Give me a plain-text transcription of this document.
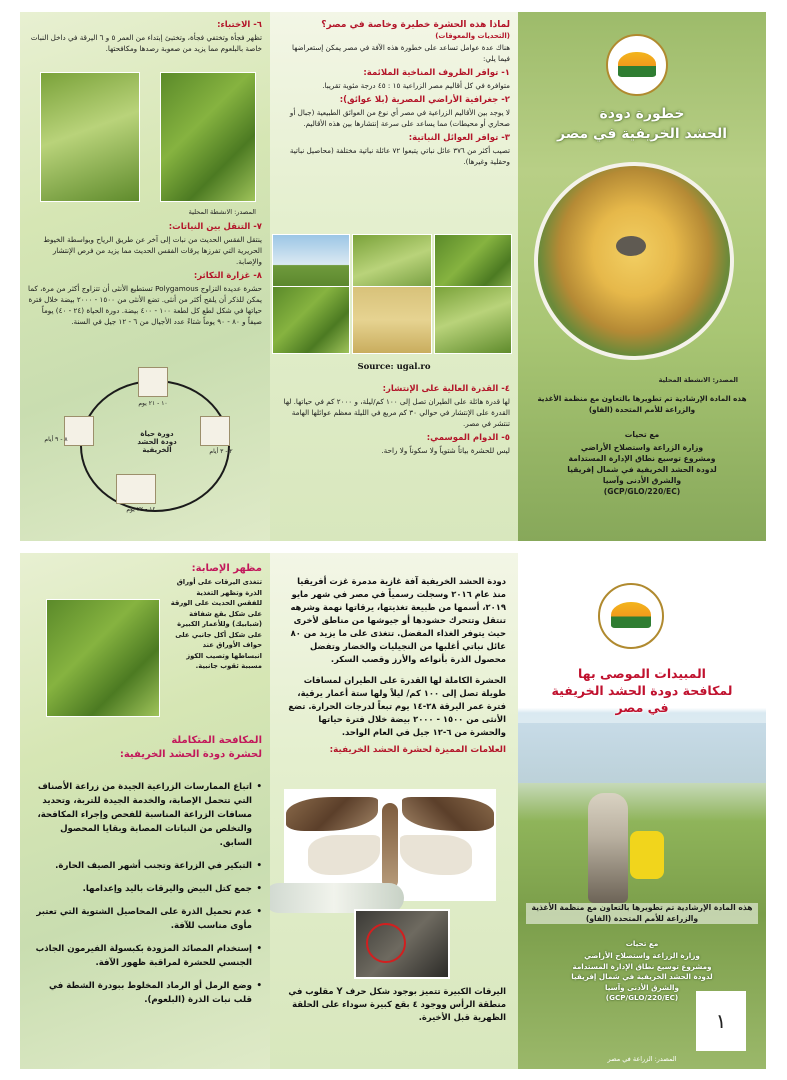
٦- الاختباء:

تظهر فجأة وتختفي فجأة، وتختبئ إبتداء من العمر ٥ و ٦ اليرقة في داخل النبات خاصة بالبلعوم مما يزيد من صعوبة رصدها ومكافحتها.

المصدر: الانشطة المحلية
٧- التنقل بين النباتات:

ينتقل الفقس الحديث من نبات إلى آخر عن طريق الرياح وبواسطة الخيوط الحريرية التي تفرزها يرقات الفقس الحديث مما يزيد من فرص الإنتشار والإصابة.

٨- غزارة التكاثر:

حشرة عديدة التزاوج Polygamous تستطيع الأنثى أن تتزاوج أكثر من مرة، كما يمكن للذكر أن يلقح أكثر من أنثى. تضع الأنثى من ١٥٠٠ - ٢٠٠٠ بيضة خلال فترة حياتها في شكل لطع كل لطعة ١٠٠ - ٤٠٠ بيضة. دورة الحياة (٢٤ - ٤٠) يوماً صيفاً و ٨٠ - ٩٠ يوماً شتاءً عدد الأجيال من ٦ - ١٢ جيل في السنة.

دورة حياة
دودة الحشد الخريفية
١٠ - ٢١ يوم
٢ - ٣ أيام
١٤ - ٢٢ يوم
٨ - ٩ أيام
لماذا هذه الحشرة خطيرة وخاصة في مصر؟
(التحديات والمعوقات)

هناك عدة عوامل تساعد على خطورة هذه الآفة في مصر يمكن إستعراضها فيما يلي:

١- توافر الظروف المناخية الملائمة:

متوافرة في كل أقاليم مصر الزراعية ١٥ : ٤٥ درجة مئوية تقريبا.

٢- جغرافية الأراضي المصرية (بلا عوائق):

لا يوجد بين الأقاليم الزراعية في مصر أي نوع من العوائق الطبيعية (جبال أو صحاري أو محيطات) مما يساعد على سرعة إنتشارها بين هذه الأقاليم.

٣- توافر العوائل النباتية:

تصيب أكثر من ٣٧٦ عائل نباتي يتبعوا ٧٢ عائلة نباتية مختلفة (محاصيل نباتية وحقلية وغيرها).

Source: ugal.ro
٤- القدرة العالية على الإنتشار:

لها قدرة هائلة على الطيران تصل إلى ١٠٠ كم/ليلة، و ٢٠٠٠ كم في حياتها. لها القدرة على الإنتشار في حوالي ٣٠ كم مربع في الليلة معظم عوائلها الهامة تنتشر في مصر.

٥- الدوام الموسمي:

ليس للحشرة بياتاً شتوياً ولا سكوناً ولا راحة.

خطورة دودة
الحشد الخريفية في مصر
المصدر: الانشطة المحلية
هذه المادة الإرشادية تم تطويرها بالتعاون مع منظمة الأغذية والزراعة للأمم المتحدة (الفاو)
مع تحيات
وزارة الزراعة واستصلاح الأراضي
ومشروع توسيع نطاق الإدارة المستدامة
لدودة الحشد الخريفية في شمال إفريقيا
والشرق الأدنى وآسيا
(GCP/GLO/220/EC)
مظهر الإصابة:

تتغذى اليرقات على أوراق الذرة وتظهر التغذية للفقس الحديث على الورقة على شكل بقع شفافة (شبابيك) وللأعمار الكبيرة على شكل أكل جانبي على حواف الأوراق عند انبساطها وتصيب الكوز مسببة ثقوب جانبية.

المكافحة المتكاملة
لحشرة دودة الحشد الخريفية:

• اتباع الممارسات الزراعية الجيدة من زراعة الأصناف التي تتحمل الإصابة، والخدمة الجيدة للتربة، وتحديد مسافات الزراعة المناسبة للفحص وإجراء المكافحة، والتخلص من النباتات المصابة وبقايا المحصول السابق.

• التبكير في الزراعة وتجنب أشهر الصيف الحارة.

• جمع كتل البيض واليرقات باليد وإعدامها.

• عدم تحميل الذرة على المحاصيل الشتوية التي تعتبر مأوى مناسب للآفة.

• إستخدام المصائد المزودة بكبسولة الفيرمون الجاذب الجنسي للحشرة لمراقبة ظهور الآفة.

• وضع الرمل أو الرماد المخلوط ببودرة الشطة في قلب نبات الذرة (البلعوم).

دودة الحشد الخريفية آفة غازية مدمرة غزت أفريقيا منذ عام ٢٠١٦ وسجلت رسمياً في مصر في شهر مايو ٢٠١٩، أسمها من طبيعة تغذيتها، يرقاتها نهمة وشرهه تنتقل وتتحرك حشودها أو جيوشها من مناطق لأخرى حيث يتوفر الغذاء المفضل. تتغذى على ما يزيد من ٨٠ عائل نباتي أغلبها من النجيليات والخضار وتفضل محصول الذرة بأنواعه والأرز وقصب السكر.

الحشرة الكاملة لها القدرة على الطيران لمسافات طويلة تصل إلى ١٠٠ كم/ ليلاً ولها ستة أعمار يرقية، فترة عمر اليرقة ٢٨-١٤ يوم تبعاً لدرجات الحرارة. تضع الأنثى من ١٥٠٠ - ٢٠٠٠ بيضة خلال فترة حياتها والحشرة من ٦-١٢ جيل في العام الواحد.

العلامات المميزة لحشرة الحشد الخريفية:

اليرقات الكبيرة تتميز بوجود شكل حرف Y مقلوب في منطقة الرأس ووجود ٤ بقع كبيرة سوداء على الحلقة الظهرية قبل الأخيرة.

المبيدات الموصى بها
لمكافحة دودة الحشد الخريفية
في مصر
هذه المادة الإرشادية تم تطويرها بالتعاون مع منظمة الأغذية والزراعة للأمم المتحدة (الفاو)
مع تحيات
وزارة الزراعة واستصلاح الأراضي
ومشروع توسيع نطاق الإدارة المستدامة
لدودة الحشد الخريفية في شمال إفريقيا
والشرق الأدنى وآسيا
(GCP/GLO/220/EC)
المصدر: الزراعة في مصر
١
